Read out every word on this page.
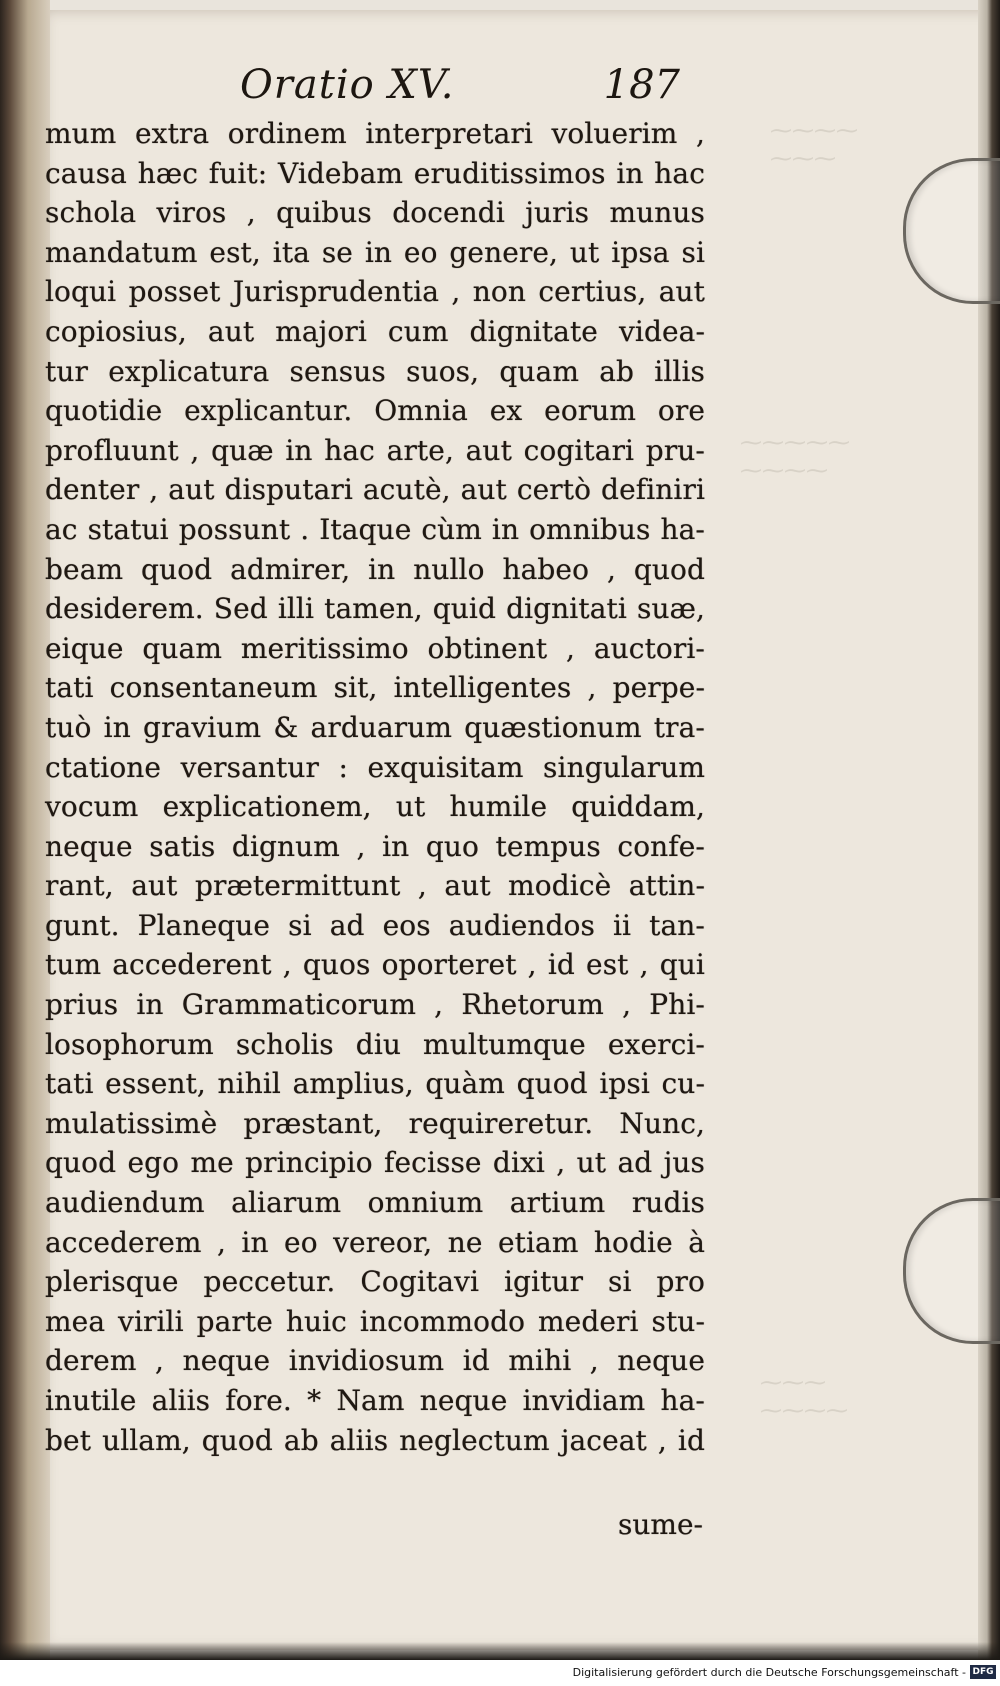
⁓⁓⁓⁓
⁓⁓⁓
⁓⁓⁓⁓⁓
⁓⁓⁓⁓
⁓⁓⁓
⁓⁓⁓⁓
Oratio XV.	187
mum extra ordinem interpretari voluerim ,
causa hæc fuit: Videbam eruditissimos in hac
schola viros , quibus docendi juris munus
mandatum est, ita se in eo genere, ut ipsa si
loqui posset Jurisprudentia , non certius, aut
copiosius, aut majori cum dignitate videa-
tur explicatura sensus suos, quam ab illis
quotidie explicantur. Omnia ex eorum ore
profluunt , quæ in hac arte, aut cogitari pru-
denter , aut disputari acutè, aut certò definiri
ac statui possunt . Itaque cùm in omnibus ha-
beam quod admirer, in nullo habeo , quod
desiderem. Sed illi tamen, quid dignitati suæ,
eique quam meritissimo obtinent , auctori-
tati consentaneum sit, intelligentes , perpe-
tuò in gravium & arduarum quæstionum tra-
ctatione versantur : exquisitam singularum
vocum explicationem, ut humile quiddam,
neque satis dignum , in quo tempus confe-
rant, aut prætermittunt , aut modicè attin-
gunt. Planeque si ad eos audiendos ii tan-
tum accederent , quos oporteret , id est , qui
prius in Grammaticorum , Rhetorum , Phi-
losophorum scholis diu multumque exerci-
tati essent, nihil amplius, quàm quod ipsi cu-
mulatissimè præstant, requireretur. Nunc,
quod ego me principio fecisse dixi , ut ad jus
audiendum aliarum omnium artium rudis
accederem , in eo vereor, ne etiam hodie à
plerisque peccetur. Cogitavi igitur si pro
mea virili parte huic incommodo mederi stu-
derem , neque invidiosum id mihi , neque
inutile aliis fore. * Nam neque invidiam ha-
bet ullam, quod ab aliis neglectum jaceat , id
sume-
Digitalisierung gefördert durch die Deutsche Forschungsgemeinschaft - DFG
